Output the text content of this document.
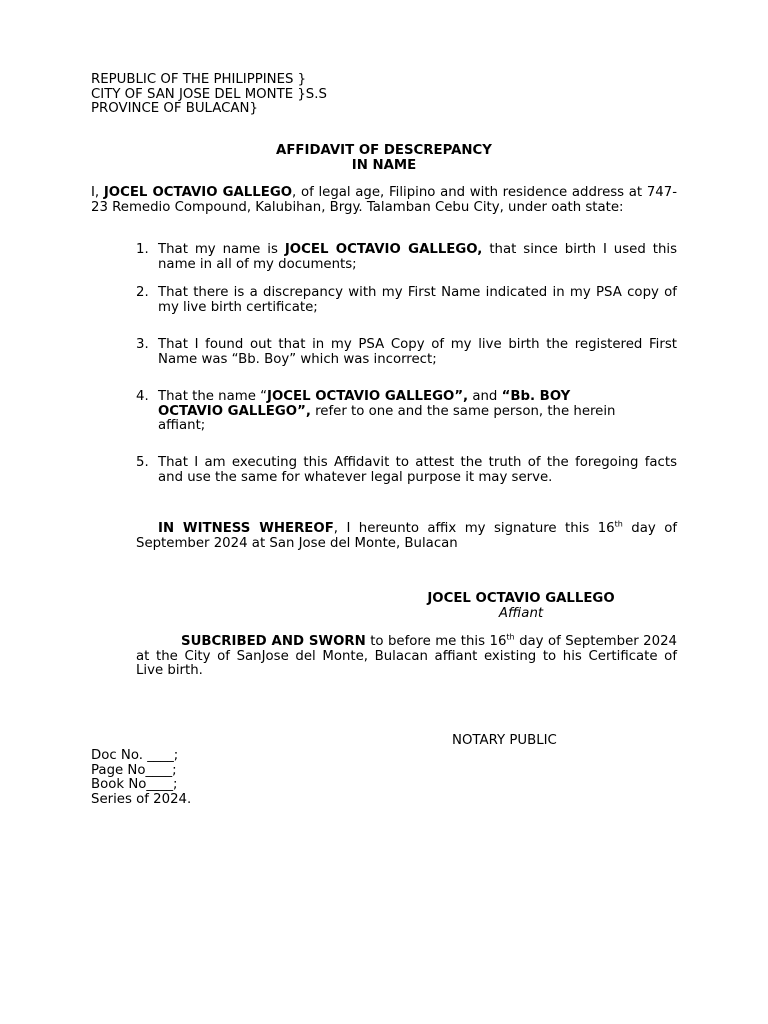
REPUBLIC OF THE PHILIPPINES }

CITY OF SAN JOSE DEL MONTE }S.S

PROVINCE OF BULACAN}

AFFIDAVIT OF DESCREPANCY

IN NAME

I, JOCEL OCTAVIO GALLEGO, of legal age, Filipino and with residence address at 747-23 Remedio Compound, Kalubihan, Brgy. Talamban Cebu City, under oath state:

1. That my name is JOCEL OCTAVIO GALLEGO, that since birth I used this name in all of my documents;

2. That there is a discrepancy with my First Name indicated in my PSA copy of my live birth certificate;

3. That I found out that in my PSA Copy of my live birth the registered First Name was “Bb. Boy” which was incorrect;

4. That the name “JOCEL OCTAVIO GALLEGO”, and “Bb. BOY OCTAVIO GALLEGO”, refer to one and the same person, the herein affiant;

5. That I am executing this Affidavit to attest the truth of the foregoing facts and use the same for whatever legal purpose it may serve.

IN WITNESS WHEREOF, I hereunto affix my signature this 16th day of September 2024 at San Jose del Monte, Bulacan

JOCEL OCTAVIO GALLEGO

Affiant

SUBCRIBED AND SWORN to before me this 16th day of September 2024 at the City of SanJose del Monte, Bulacan affiant existing to his Certificate of Live birth.

NOTARY PUBLIC

Doc No. ____;

Page No____;

Book No____;

Series of 2024.
